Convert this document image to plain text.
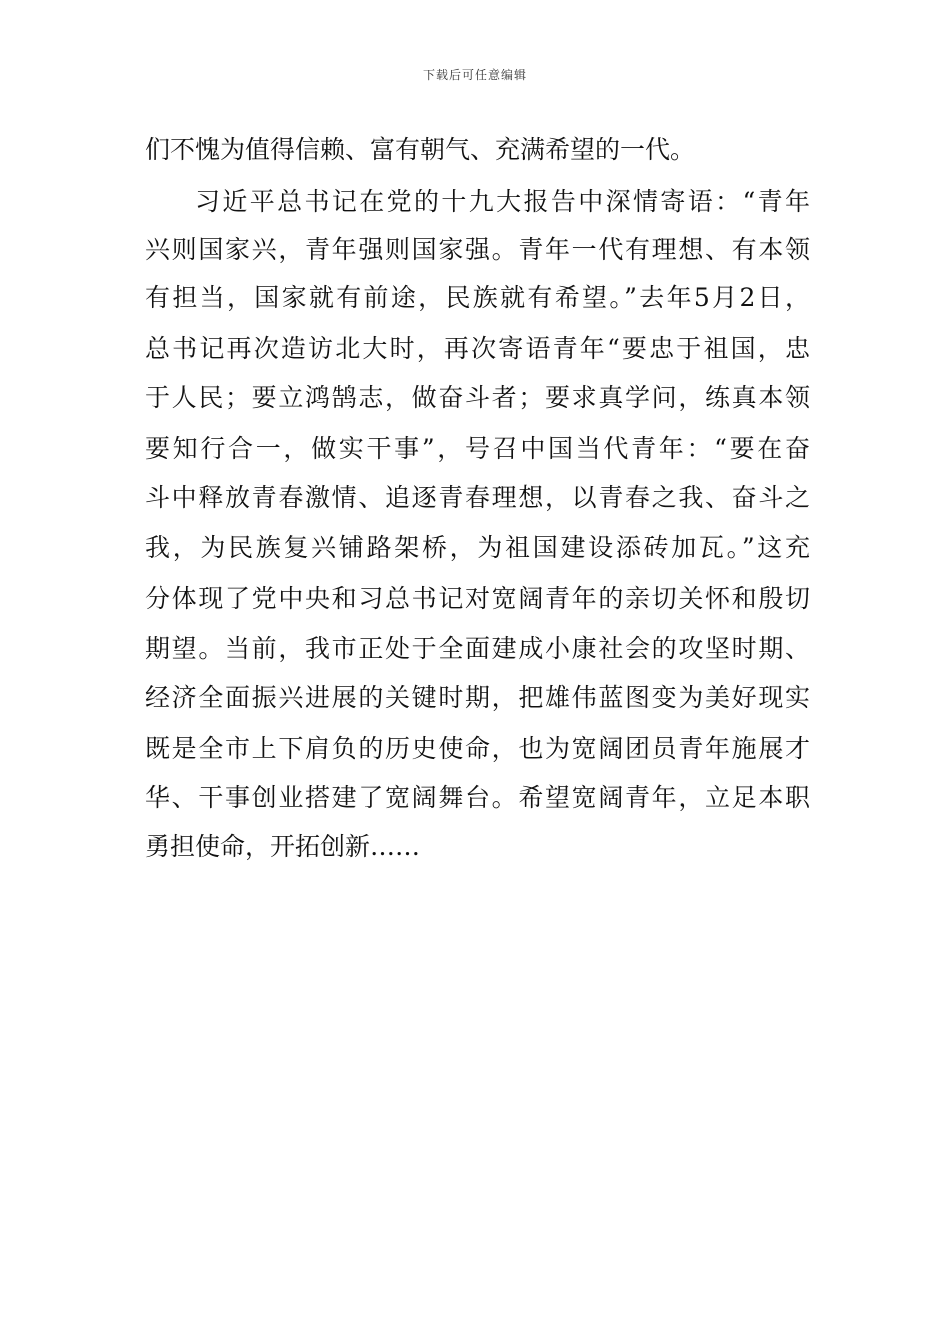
下载后可任意编辑
们不愧为值得信赖、富有朝气、充满希望的一代。
习近平总书记在党的十九大报告中深情寄语：“青年
兴则国家兴，青年强则国家强。青年一代有理想、有本领
有担当，国家就有前途，民族就有希望。”去年5月2日，
总书记再次造访北大时，再次寄语青年“要忠于祖国，忠
于人民；要立鸿鹄志，做奋斗者；要求真学问，练真本领
要知行合一，做实干事”，号召中国当代青年：“要在奋
斗中释放青春激情、追逐青春理想，以青春之我、奋斗之
我，为民族复兴铺路架桥，为祖国建设添砖加瓦。”这充
分体现了党中央和习总书记对宽阔青年的亲切关怀和殷切
期望。当前，我市正处于全面建成小康社会的攻坚时期、
经济全面振兴进展的关键时期，把雄伟蓝图变为美好现实
既是全市上下肩负的历史使命，也为宽阔团员青年施展才
华、干事创业搭建了宽阔舞台。希望宽阔青年，立足本职
勇担使命，开拓创新……
